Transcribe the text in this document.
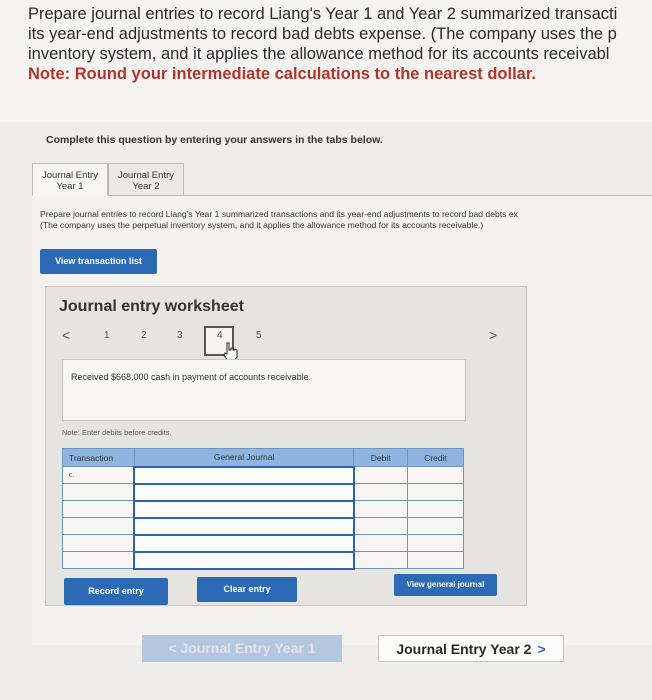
Prepare journal entries to record Liang's Year 1 and Year 2 summarized transacti

its year-end adjustments to record bad debts expense. (The company uses the p

inventory system, and it applies the allowance method for its accounts receivabl

Note: Round your intermediate calculations to the nearest dollar.

Complete this question by entering your answers in the tabs below.
Journal Entry
Year 1
Journal Entry
Year 2
Prepare journal entries to record Liang's Year 1 summarized transactions and its year-end adjustments to record bad debts ex
(The company uses the perpetual inventory system, and it applies the allowance method for its accounts receivable.)
View transaction list
Journal entry worksheet
<	1	2	3	4	5	>
Received $668,000 cash in payment of accounts receivable.
Note: Enter debits before credits.
Transaction	General Journal	Debit	Credit
c.			

Record entry	Clear entry	View general journal
< Journal Entry Year 1	Journal Entry Year 2 >
